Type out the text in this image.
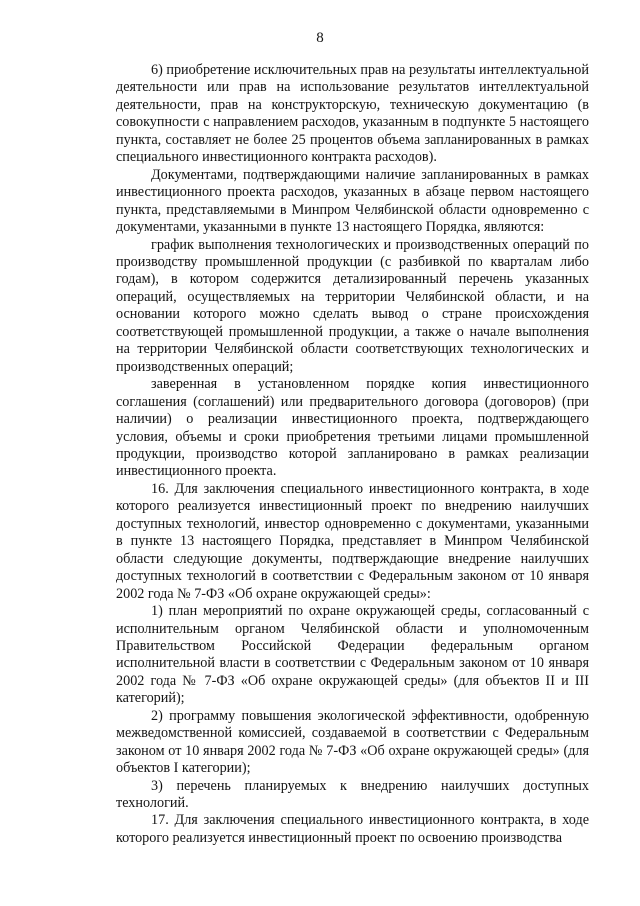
8

6) приобретение исключительных прав на результаты интеллектуальной деятельности или прав на использование результатов интеллектуальной деятельности, прав на конструкторскую, техническую документацию (в совокупности с направлением расходов, указанным в подпункте 5 настоящего пункта, составляет не более 25 процентов объема запланированных в рамках специального инвестиционного контракта расходов).

Документами, подтверждающими наличие запланированных в рамках инвестиционного проекта расходов, указанных в абзаце первом настоящего пункта, представляемыми в Минпром Челябинской области одновременно с документами, указанными в пункте 13 настоящего Порядка, являются:

график выполнения технологических и производственных операций по производству промышленной продукции (с разбивкой по кварталам либо годам), в котором содержится детализированный перечень указанных операций, осуществляемых на территории Челябинской области, и на основании которого можно сделать вывод о стране происхождения соответствующей промышленной продукции, а также о начале выполнения на территории Челябинской области соответствующих технологических и производственных операций;

заверенная в установленном порядке копия инвестиционного соглашения (соглашений) или предварительного договора (договоров) (при наличии) о реализации инвестиционного проекта, подтверждающего условия, объемы и сроки приобретения третьими лицами промышленной продукции, производство которой запланировано в рамках реализации инвестиционного проекта.

16. Для заключения специального инвестиционного контракта, в ходе которого реализуется инвестиционный проект по внедрению наилучших доступных технологий, инвестор одновременно с документами, указанными в пункте 13 настоящего Порядка, представляет в Минпром Челябинской области следующие документы, подтверждающие внедрение наилучших доступных технологий в соответствии с Федеральным законом от 10 января 2002 года № 7-ФЗ «Об охране окружающей среды»:

1) план мероприятий по охране окружающей среды, согласованный с исполнительным органом Челябинской области и уполномоченным Правительством Российской Федерации федеральным органом исполнительной власти в соответствии с Федеральным законом от 10 января 2002 года № 7-ФЗ «Об охране окружающей среды» (для объектов II и III категорий);

2) программу повышения экологической эффективности, одобренную межведомственной комиссией, создаваемой в соответствии с Федеральным законом от 10 января 2002 года № 7-ФЗ «Об охране окружающей среды» (для объектов I категории);

3) перечень планируемых к внедрению наилучших доступных технологий.

17. Для заключения специального инвестиционного контракта, в ходе которого реализуется инвестиционный проект по освоению производства
